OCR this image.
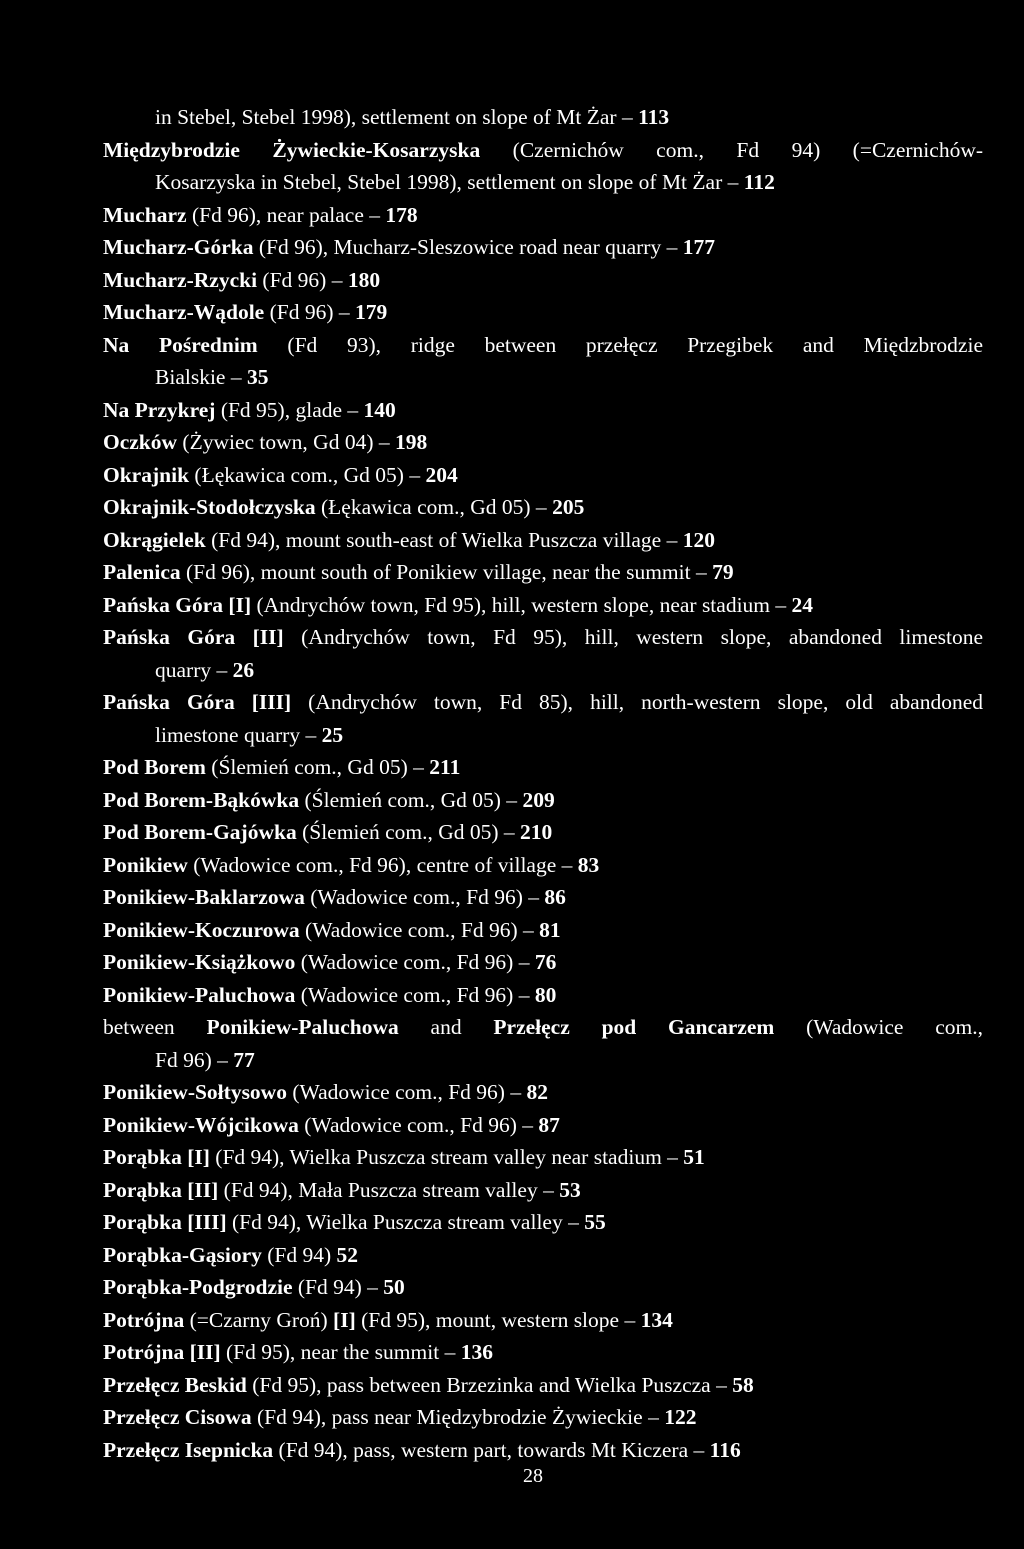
in Stebel, Stebel 1998), settlement on slope of Mt Żar – 113
Międzybrodzie Żywieckie-Kosarzyska (Czernichów com., Fd 94) (=Czernichów-
Kosarzyska in Stebel, Stebel 1998), settlement on slope of Mt Żar – 112
Mucharz (Fd 96), near palace – 178
Mucharz-Górka (Fd 96), Mucharz-Sleszowice road near quarry – 177
Mucharz-Rzycki (Fd 96) – 180
Mucharz-Wądole (Fd 96) – 179
Na Pośrednim (Fd 93), ridge between przełęcz Przegibek and Międzbrodzie
Bialskie – 35
Na Przykrej (Fd 95), glade – 140
Oczków (Żywiec town, Gd 04) – 198
Okrajnik (Łękawica com., Gd 05) – 204
Okrajnik-Stodołczyska (Łękawica com., Gd 05) – 205
Okrągielek (Fd 94), mount south-east of Wielka Puszcza village – 120
Palenica (Fd 96), mount south of Ponikiew village, near the summit – 79
Pańska Góra [I] (Andrychów town, Fd 95), hill, western slope, near stadium – 24
Pańska Góra [II] (Andrychów town, Fd 95), hill, western slope, abandoned limestone
quarry – 26
Pańska Góra [III] (Andrychów town, Fd 85), hill, north-western slope, old abandoned
limestone quarry – 25
Pod Borem (Ślemień com., Gd 05) – 211
Pod Borem-Bąkówka (Ślemień com., Gd 05) – 209
Pod Borem-Gajówka (Ślemień com., Gd 05) – 210
Ponikiew (Wadowice com., Fd 96), centre of village – 83
Ponikiew-Baklarzowa (Wadowice com., Fd 96) – 86
Ponikiew-Koczurowa (Wadowice com., Fd 96) – 81
Ponikiew-Książkowo (Wadowice com., Fd 96) – 76
Ponikiew-Paluchowa (Wadowice com., Fd 96) – 80
between Ponikiew-Paluchowa and Przełęcz pod Gancarzem (Wadowice com.,
Fd 96) – 77
Ponikiew-Sołtysowo (Wadowice com., Fd 96) – 82
Ponikiew-Wójcikowa (Wadowice com., Fd 96) – 87
Porąbka [I] (Fd 94), Wielka Puszcza stream valley near stadium – 51
Porąbka [II] (Fd 94), Mała Puszcza stream valley – 53
Porąbka [III] (Fd 94), Wielka Puszcza stream valley – 55
Porąbka-Gąsiory (Fd 94) 52
Porąbka-Podgrodzie (Fd 94) – 50
Potrójna (=Czarny Groń) [I] (Fd 95), mount, western slope – 134
Potrójna [II] (Fd 95), near the summit – 136
Przełęcz Beskid (Fd 95), pass between Brzezinka and Wielka Puszcza – 58
Przełęcz Cisowa (Fd 94), pass near Międzybrodzie Żywieckie – 122
Przełęcz Isepnicka (Fd 94), pass, western part, towards Mt Kiczera – 116
28
